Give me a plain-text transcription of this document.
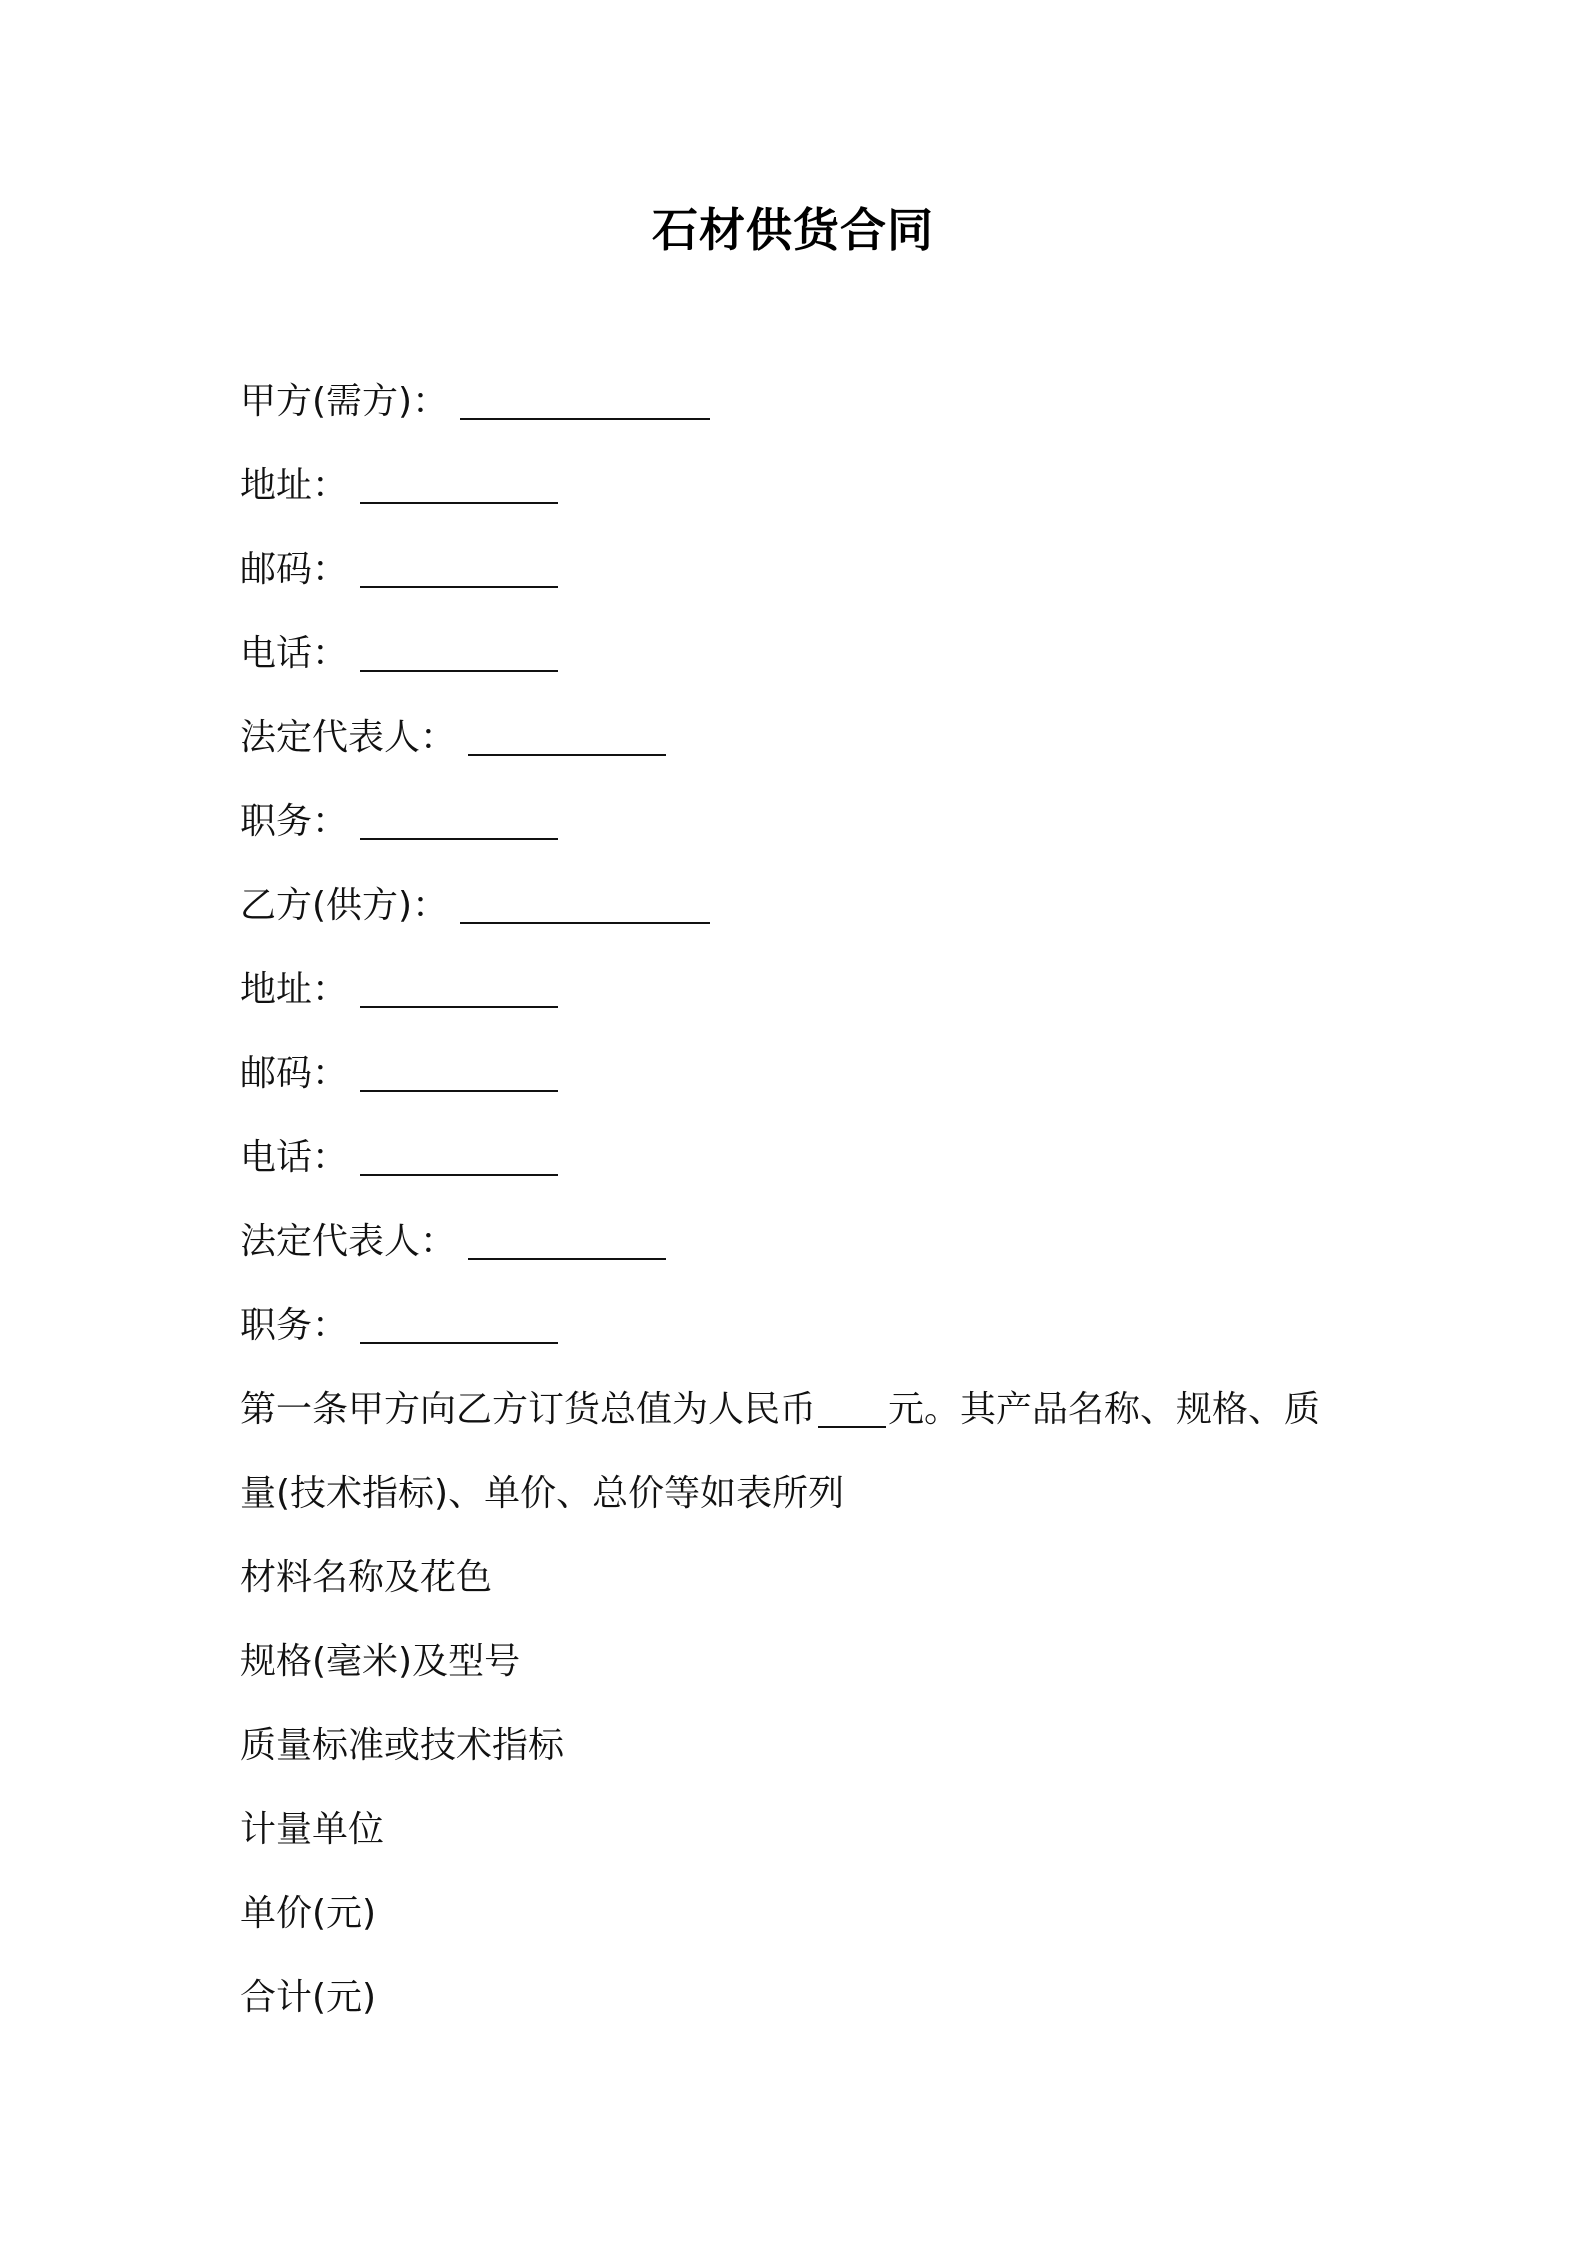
石材供货合同
甲方(需方)：
地址：
邮码：
电话：
法定代表人：
职务：
乙方(供方)：
地址：
邮码：
电话：
法定代表人：
职务：
第一条甲方向乙方订货总值为人民币 元。其产品名称、规格、质
量(技术指标)、单价、总价等如表所列
材料名称及花色
规格(毫米)及型号
质量标准或技术指标
计量单位
单价(元)
合计(元)
